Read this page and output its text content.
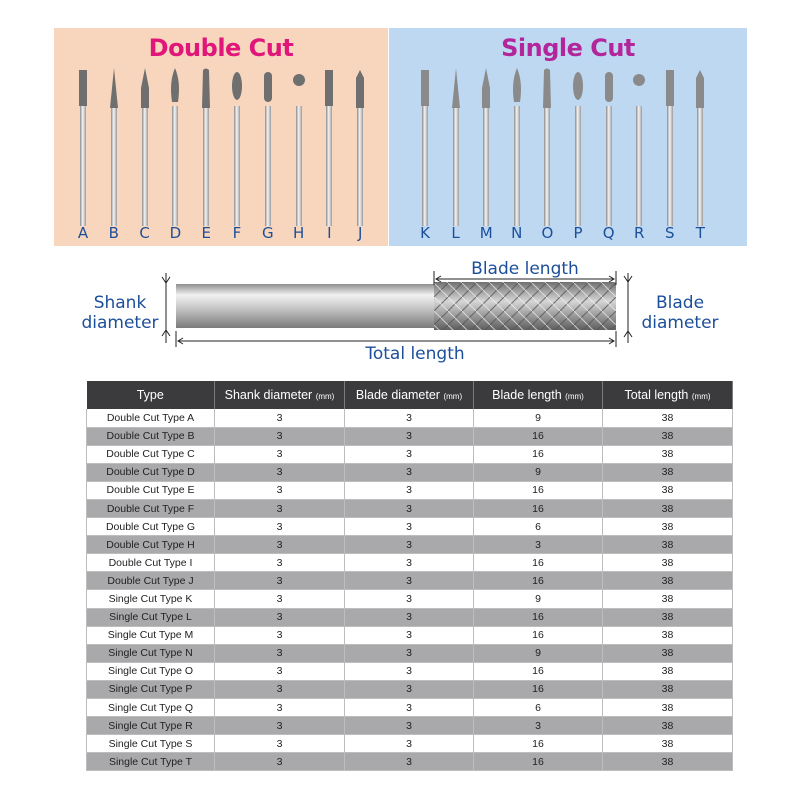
Double Cut
A	B	C	D	E	F	G	H	I	J
Single Cut
K	L	M	N	O	P	Q	R	S	T
Shank diameter
Blade length
Blade diameter
Total length
Type	Shank diameter (mm)	Blade diameter (mm)	Blade length (mm)	Total length (mm)
Double Cut Type A	3	3	9	38
Double Cut Type B	3	3	16	38
Double Cut Type C	3	3	16	38
Double Cut Type D	3	3	9	38
Double Cut Type E	3	3	16	38
Double Cut Type F	3	3	16	38
Double Cut Type G	3	3	6	38
Double Cut Type H	3	3	3	38
Double Cut Type I	3	3	16	38
Double Cut Type J	3	3	16	38
Single Cut Type K	3	3	9	38
Single Cut Type L	3	3	16	38
Single Cut Type M	3	3	16	38
Single Cut Type N	3	3	9	38
Single Cut Type O	3	3	16	38
Single Cut Type P	3	3	16	38
Single Cut Type Q	3	3	6	38
Single Cut Type R	3	3	3	38
Single Cut Type S	3	3	16	38
Single Cut Type T	3	3	16	38
